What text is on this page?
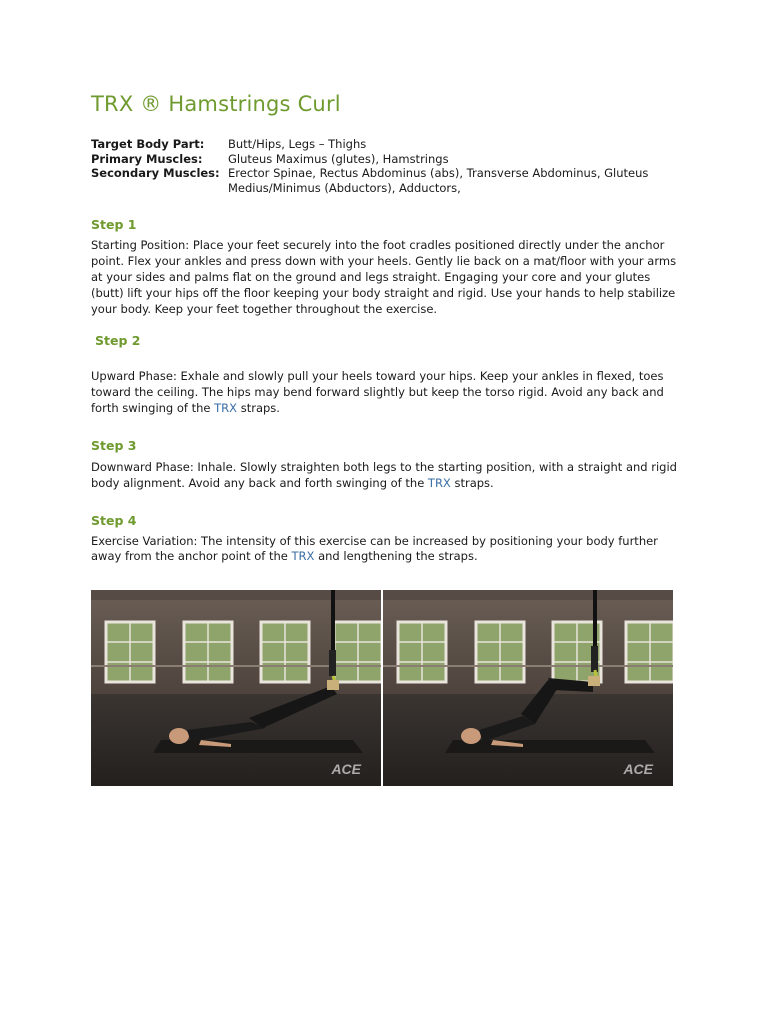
TRX ® Hamstrings Curl
Target Body Part:	Butt/Hips, Legs – Thighs
Primary Muscles:	Gluteus Maximus (glutes), Hamstrings
Secondary Muscles: Erector Spinae, Rectus Abdominus (abs), Transverse Abdominus, Gluteus Medius/Minimus (Abductors), Adductors,
Step 1

Starting Position: Place your feet securely into the foot cradles positioned directly under the anchor point. Flex your ankles and press down with your heels. Gently lie back on a mat/floor with your arms at your sides and palms flat on the ground and legs straight. Engaging your core and your glutes (butt) lift your hips off the floor keeping your body straight and rigid. Use your hands to help stabilize your body. Keep your feet together throughout the exercise.

Step 2

Upward Phase: Exhale and slowly pull your heels toward your hips. Keep your ankles in flexed, toes toward the ceiling. The hips may bend forward slightly but keep the torso rigid. Avoid any back and forth swinging of the TRX straps.

Step 3

Downward Phase: Inhale. Slowly straighten both legs to the starting position, with a straight and rigid body alignment. Avoid any back and forth swinging of the TRX straps.

Step 4

Exercise Variation: The intensity of this exercise can be increased by positioning your body further away from the anchor point of the TRX and lengthening the straps.

ACE	ACE
